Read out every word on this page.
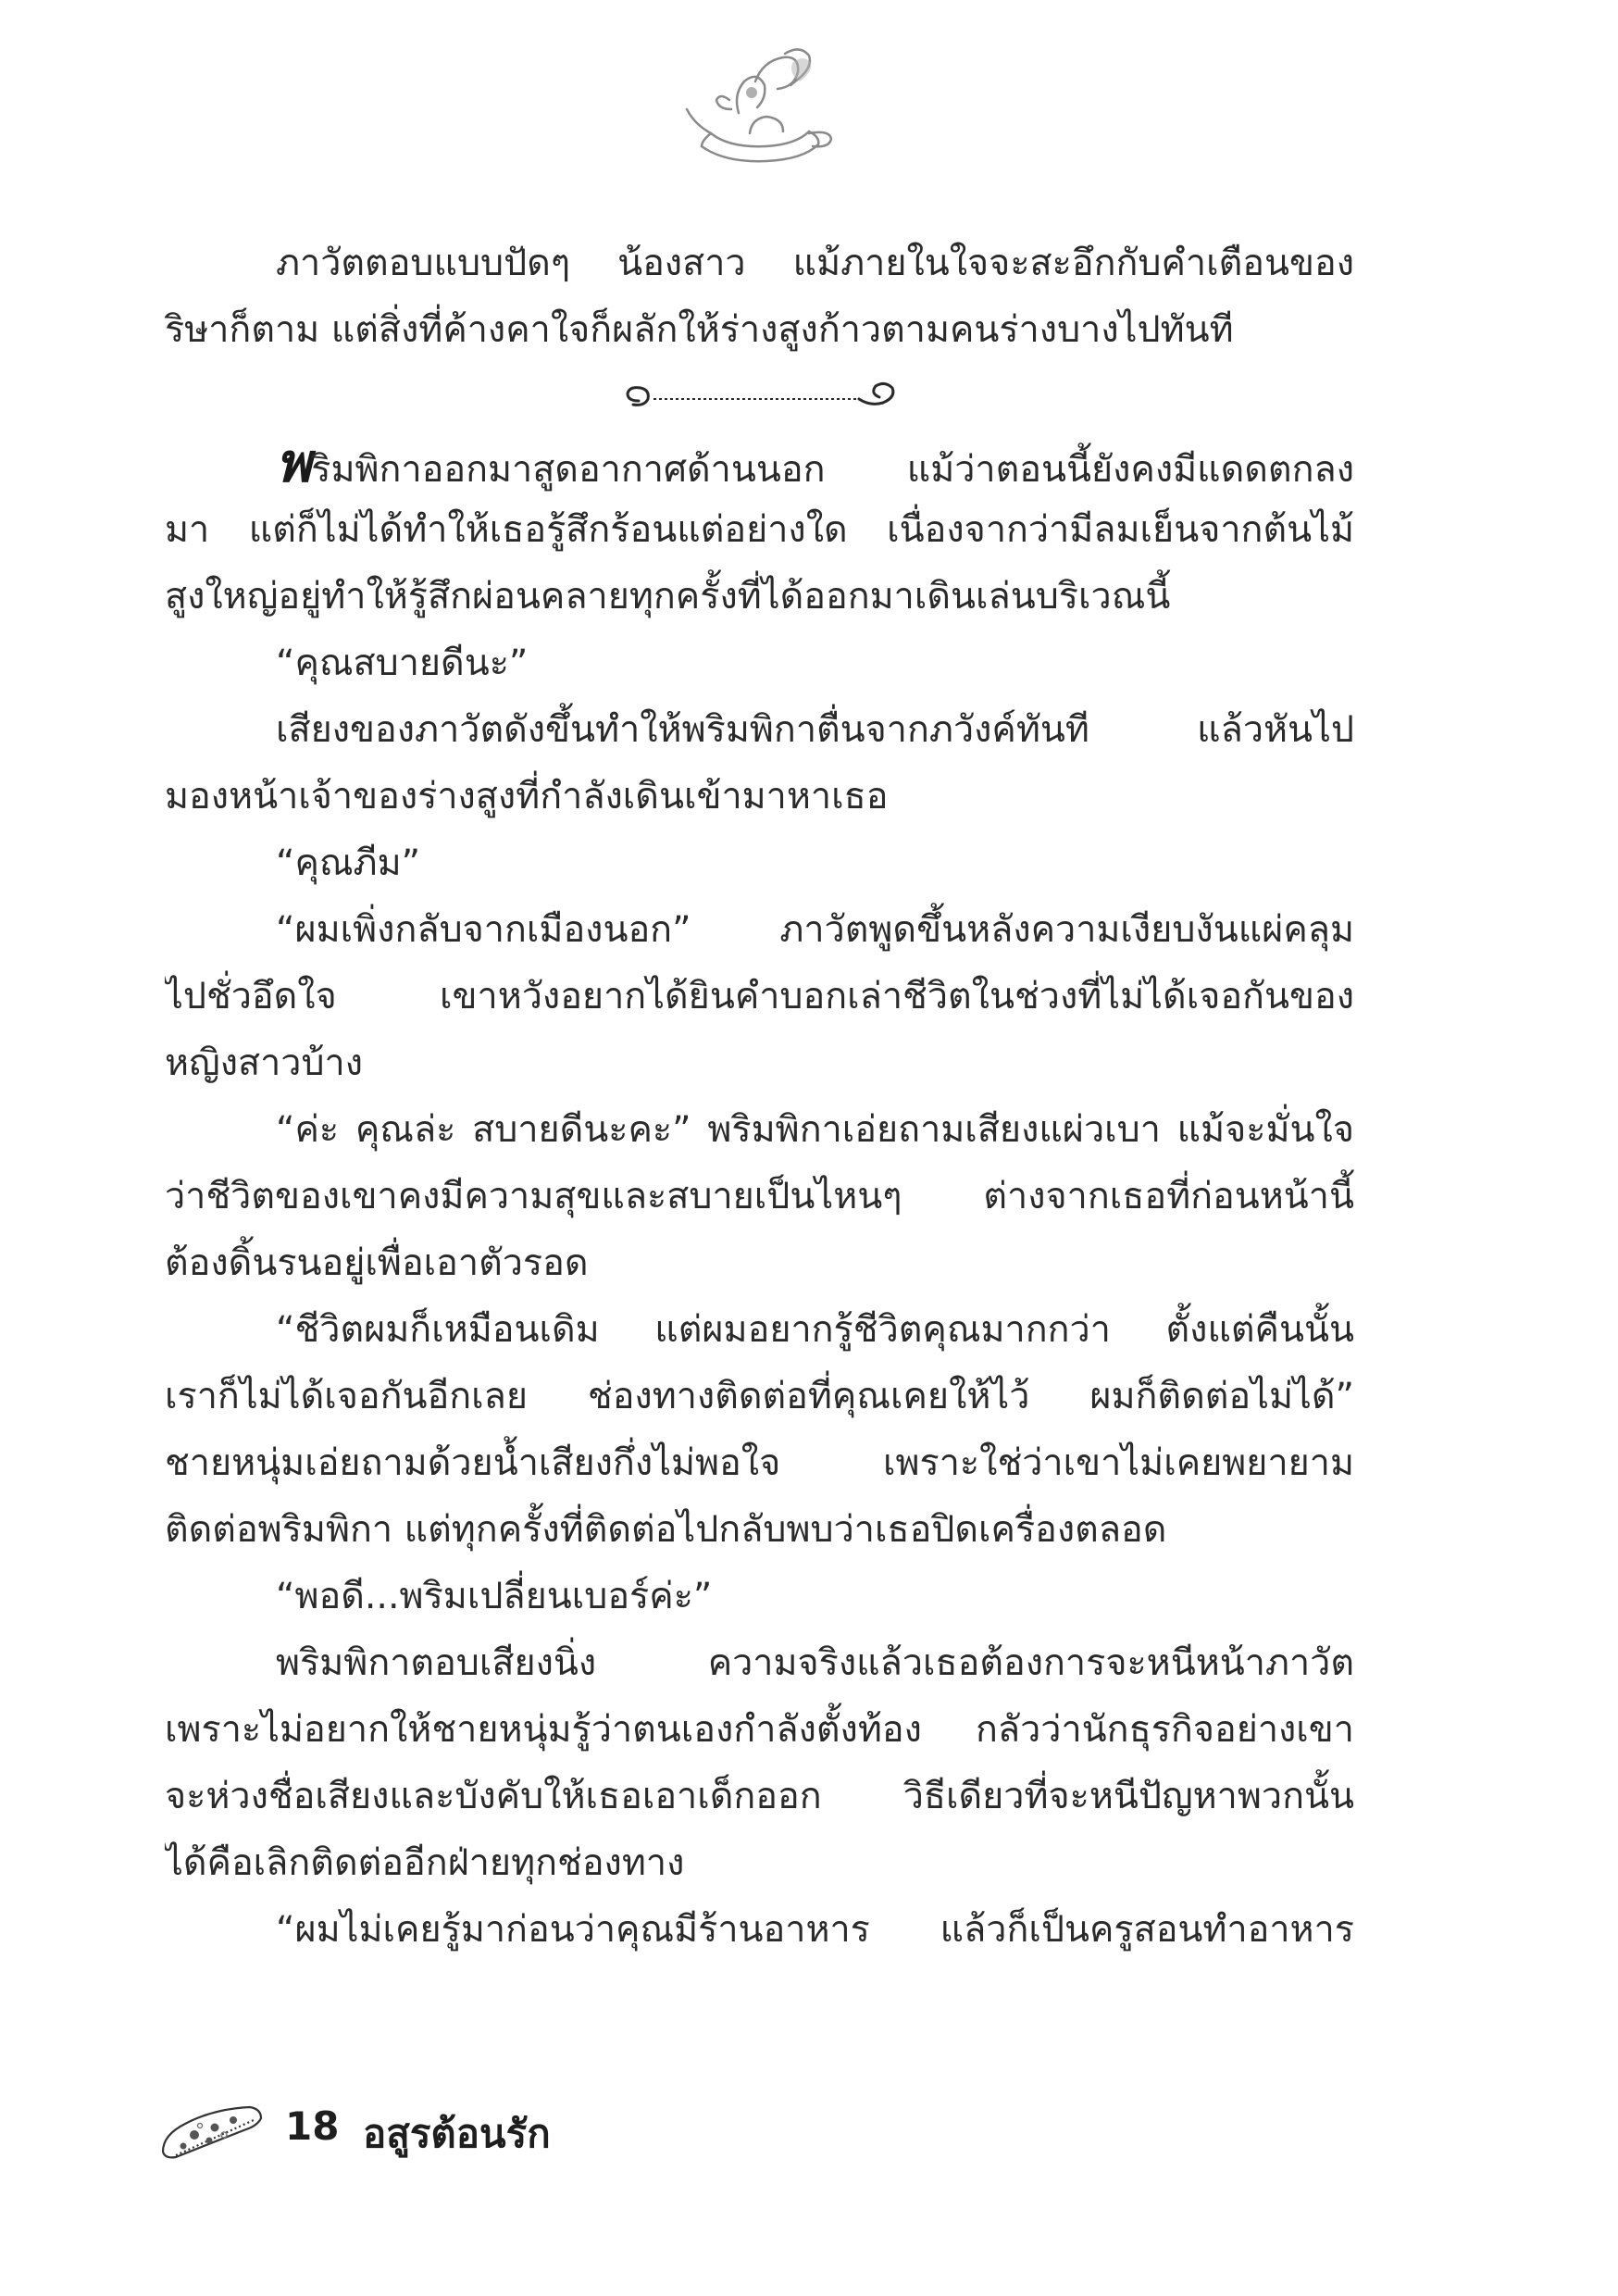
ภาวัตตอบแบบปัดๆ น้องสาว แม้ภายในใจจะสะอึกกับคำเตือนของ
ริษาก็ตาม แต่สิ่งที่ค้างคาใจก็ผลักให้ร่างสูงก้าวตามคนร่างบางไปทันที
พริมพิกาออกมาสูดอากาศด้านนอก แม้ว่าตอนนี้ยังคงมีแดดตกลง
มา แต่ก็ไม่ได้ทำให้เธอรู้สึกร้อนแต่อย่างใด เนื่องจากว่ามีลมเย็นจากต้นไม้
สูงใหญ่อยู่ทำให้รู้สึกผ่อนคลายทุกครั้งที่ได้ออกมาเดินเล่นบริเวณนี้
“คุณสบายดีนะ”
เสียงของภาวัตดังขึ้นทำให้พริมพิกาตื่นจากภวังค์ทันที แล้วหันไป
มองหน้าเจ้าของร่างสูงที่กำลังเดินเข้ามาหาเธอ
“คุณภีม”
“ผมเพิ่งกลับจากเมืองนอก” ภาวัตพูดขึ้นหลังความเงียบงันแผ่คลุม
ไปชั่วอึดใจ เขาหวังอยากได้ยินคำบอกเล่าชีวิตในช่วงที่ไม่ได้เจอกันของ
หญิงสาวบ้าง
“ค่ะ คุณล่ะ สบายดีนะคะ” พริมพิกาเอ่ยถามเสียงแผ่วเบา แม้จะมั่นใจ
ว่าชีวิตของเขาคงมีความสุขและสบายเป็นไหนๆ ต่างจากเธอที่ก่อนหน้านี้
ต้องดิ้นรนอยู่เพื่อเอาตัวรอด
“ชีวิตผมก็เหมือนเดิม แต่ผมอยากรู้ชีวิตคุณมากกว่า ตั้งแต่คืนนั้น
เราก็ไม่ได้เจอกันอีกเลย ช่องทางติดต่อที่คุณเคยให้ไว้ ผมก็ติดต่อไม่ได้”
ชายหนุ่มเอ่ยถามด้วยน้ำเสียงกึ่งไม่พอใจ เพราะใช่ว่าเขาไม่เคยพยายาม
ติดต่อพริมพิกา แต่ทุกครั้งที่ติดต่อไปกลับพบว่าเธอปิดเครื่องตลอด
“พอดี...พริมเปลี่ยนเบอร์ค่ะ”
พริมพิกาตอบเสียงนิ่ง ความจริงแล้วเธอต้องการจะหนีหน้าภาวัต
เพราะไม่อยากให้ชายหนุ่มรู้ว่าตนเองกำลังตั้งท้อง กลัวว่านักธุรกิจอย่างเขา
จะห่วงชื่อเสียงและบังคับให้เธอเอาเด็กออก วิธีเดียวที่จะหนีปัญหาพวกนั้น
ได้คือเลิกติดต่ออีกฝ่ายทุกช่องทาง
“ผมไม่เคยรู้มาก่อนว่าคุณมีร้านอาหาร แล้วก็เป็นครูสอนทำอาหาร
18 อสูรต้อนรัก
